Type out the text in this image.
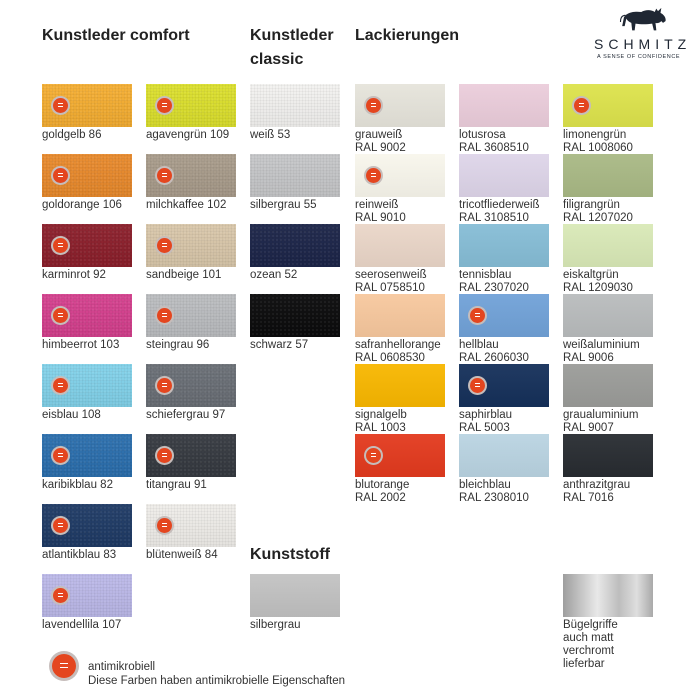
Kunstleder comfort	Kunstleder classic
Lackierungen
Kunststoff
SCHMITZ
A SENSE OF CONFIDENCE
goldgelb 86
goldorange 106
karminrot 92
himbeerrot 103
eisblau 108
karibikblau 82
atlantikblau 83
lavendellila 107
agavengrün 109
milchkaffee 102
sandbeige 101
steingrau 96
schiefergrau 97
titangrau 91
blütenweiß 84
weiß 53
silbergrau 55
ozean 52
schwarz 57
silbergrau
grauweiß
RAL 9002
reinweiß
RAL 9010
seerosenweiß
RAL 0758510
safranhellorange
RAL 0608530
signalgelb
RAL 1003
blutorange
RAL 2002
lotusrosa
RAL 3608510
tricotfliederweiß
RAL 3108510
tennisblau
RAL 2307020
hellblau
RAL 2606030
saphirblau
RAL 5003
bleichblau
RAL 2308010
limonengrün
RAL 1008060
filigrangrün
RAL 1207020
eiskaltgrün
RAL 1209030
weißaluminium
RAL 9006
graualuminium
RAL 9007
anthrazitgrau
RAL 7016
Bügelgriffe
auch matt
verchromt
lieferbar
antimikrobiell
Diese Farben haben antimikrobielle Eigenschaften
